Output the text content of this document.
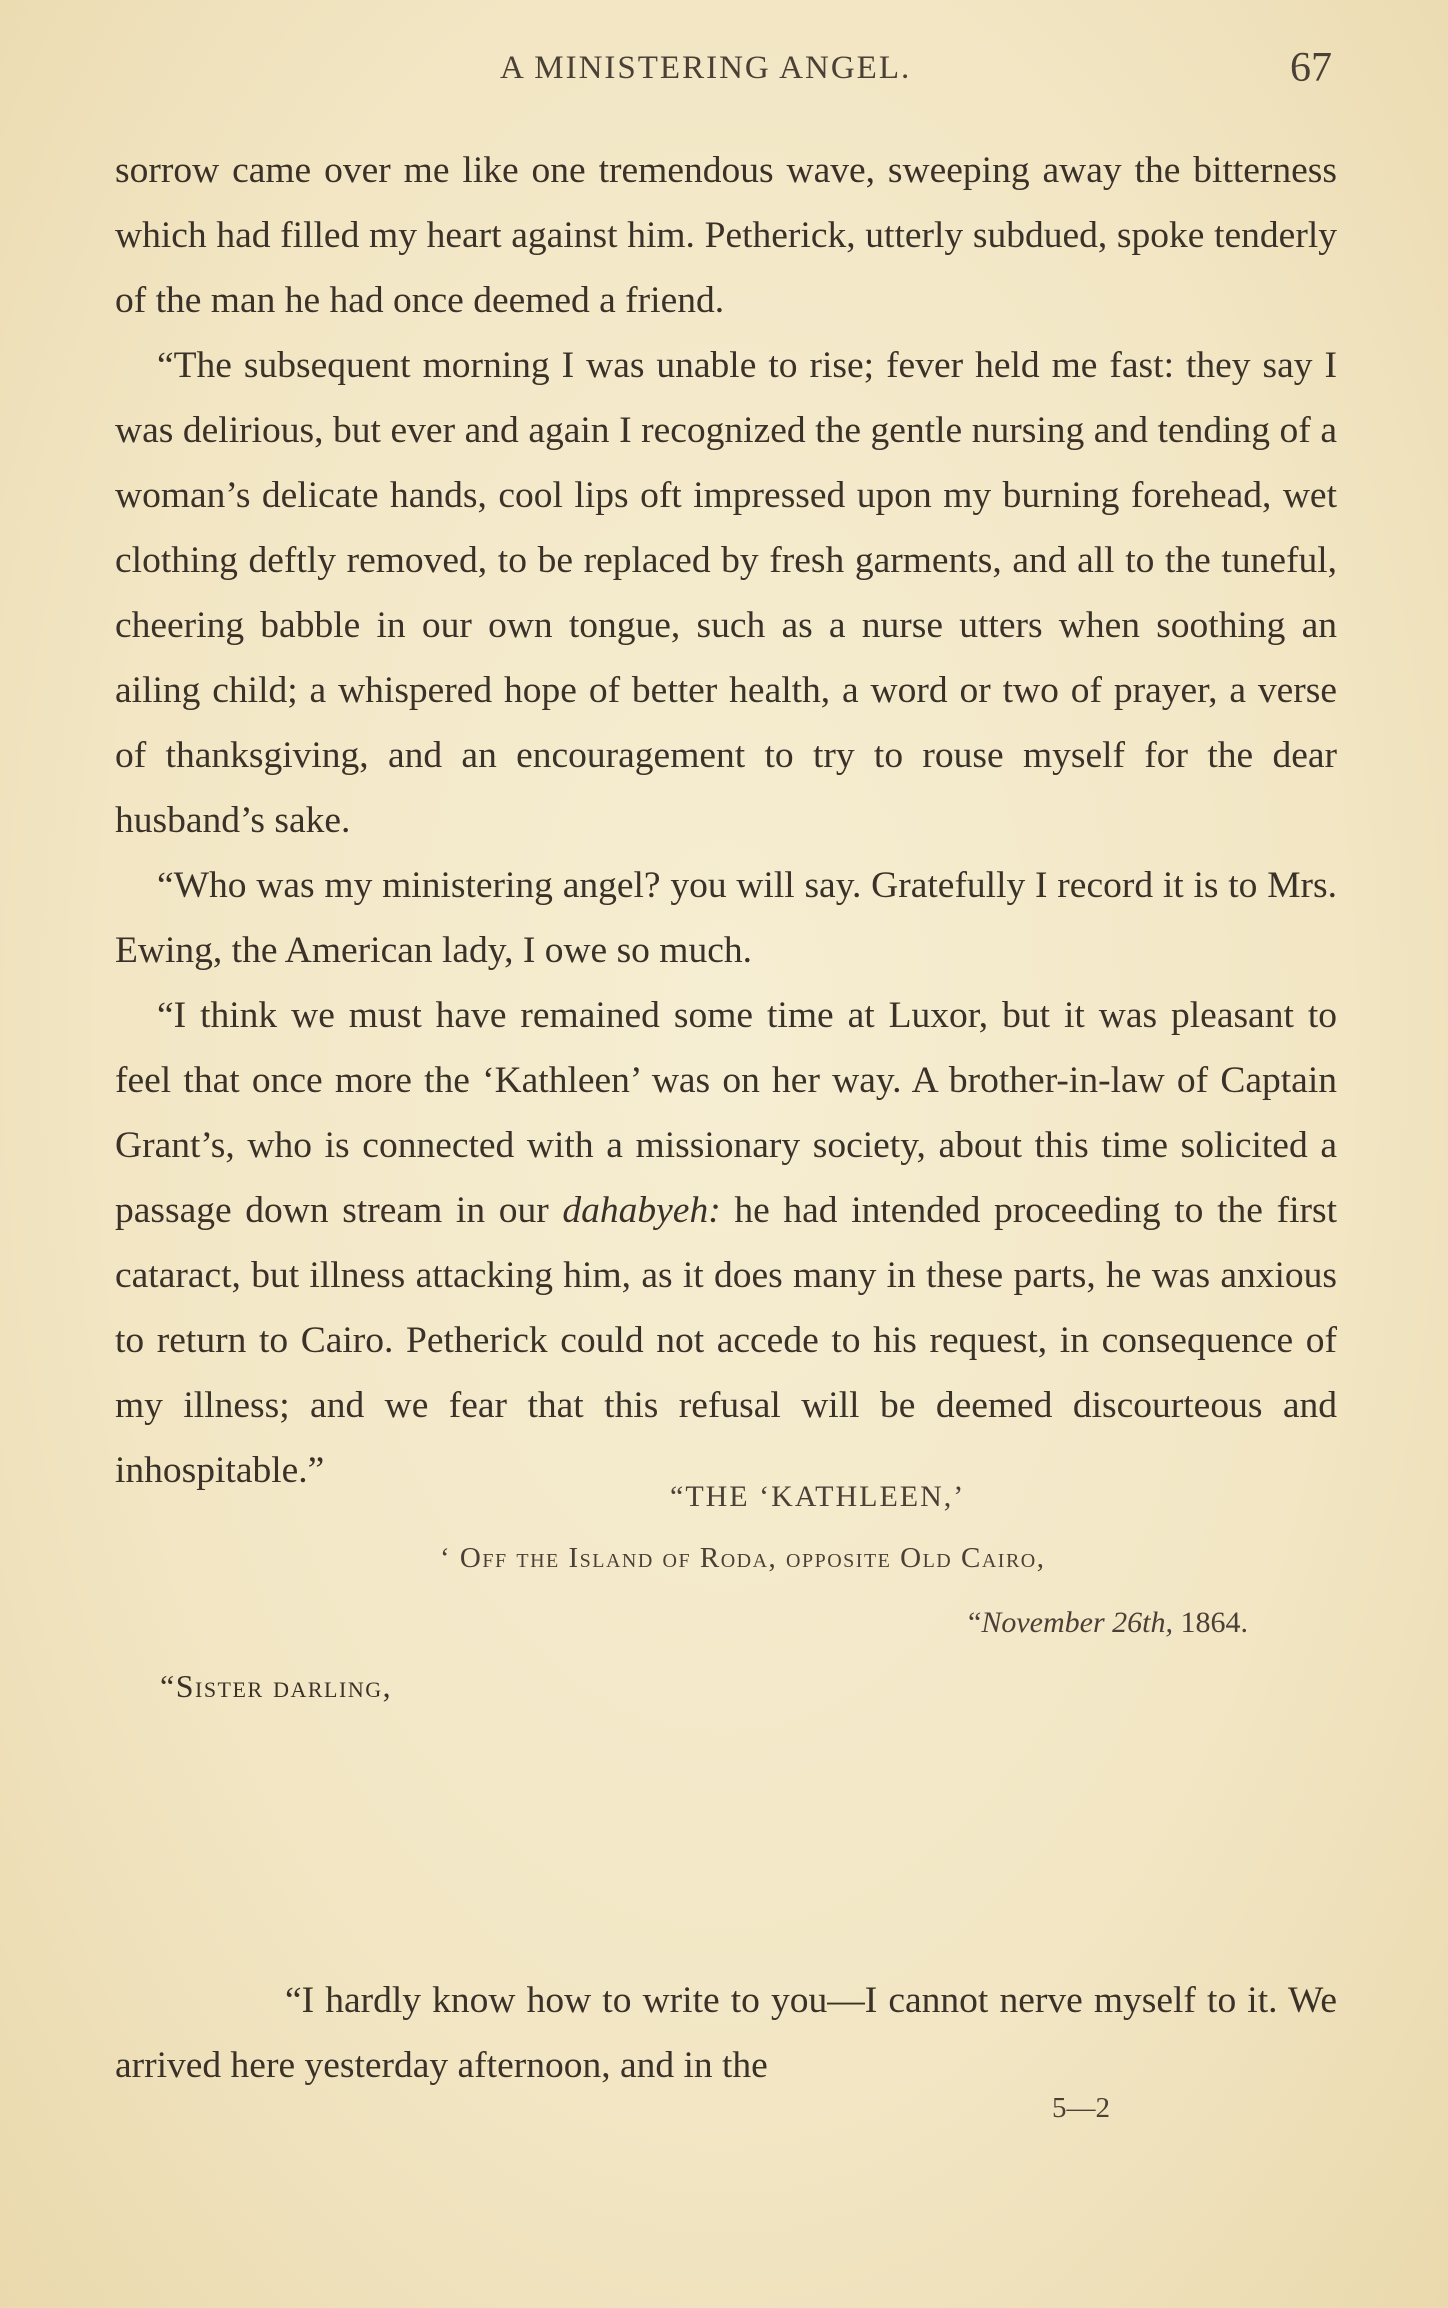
A MINISTERING ANGEL.	67

sorrow came over me like one tremendous wave, sweeping away the bitterness which had filled my heart against him. Petherick, utterly subdued, spoke tenderly of the man he had once deemed a friend.

“The subsequent morning I was unable to rise; fever held me fast: they say I was delirious, but ever and again I recognized the gentle nursing and tending of a woman’s delicate hands, cool lips oft impressed upon my burning forehead, wet clothing deftly removed, to be replaced by fresh garments, and all to the tuneful, cheering babble in our own tongue, such as a nurse utters when soothing an ailing child; a whispered hope of better health, a word or two of prayer, a verse of thanksgiving, and an encouragement to try to rouse myself for the dear husband’s sake.

“Who was my ministering angel? you will say. Gratefully I record it is to Mrs. Ewing, the American lady, I owe so much.

“I think we must have remained some time at Luxor, but it was pleasant to feel that once more the ‘Kathleen’ was on her way. A brother-in-law of Captain Grant’s, who is connected with a missionary society, about this time solicited a passage down stream in our dahabyeh: he had intended proceeding to the first cataract, but illness attacking him, as it does many in these parts, he was anxious to return to Cairo. Petherick could not accede to his request, in consequence of my illness; and we fear that this refusal will be deemed discourteous and inhospitable.”

“THE ‘KATHLEEN,’
‘ Off the Island of Roda, opposite Old Cairo,
“November 26th, 1864.
“Sister darling,

“I hardly know how to write to you—I cannot nerve myself to it. We arrived here yesterday afternoon, and in the

5—2
